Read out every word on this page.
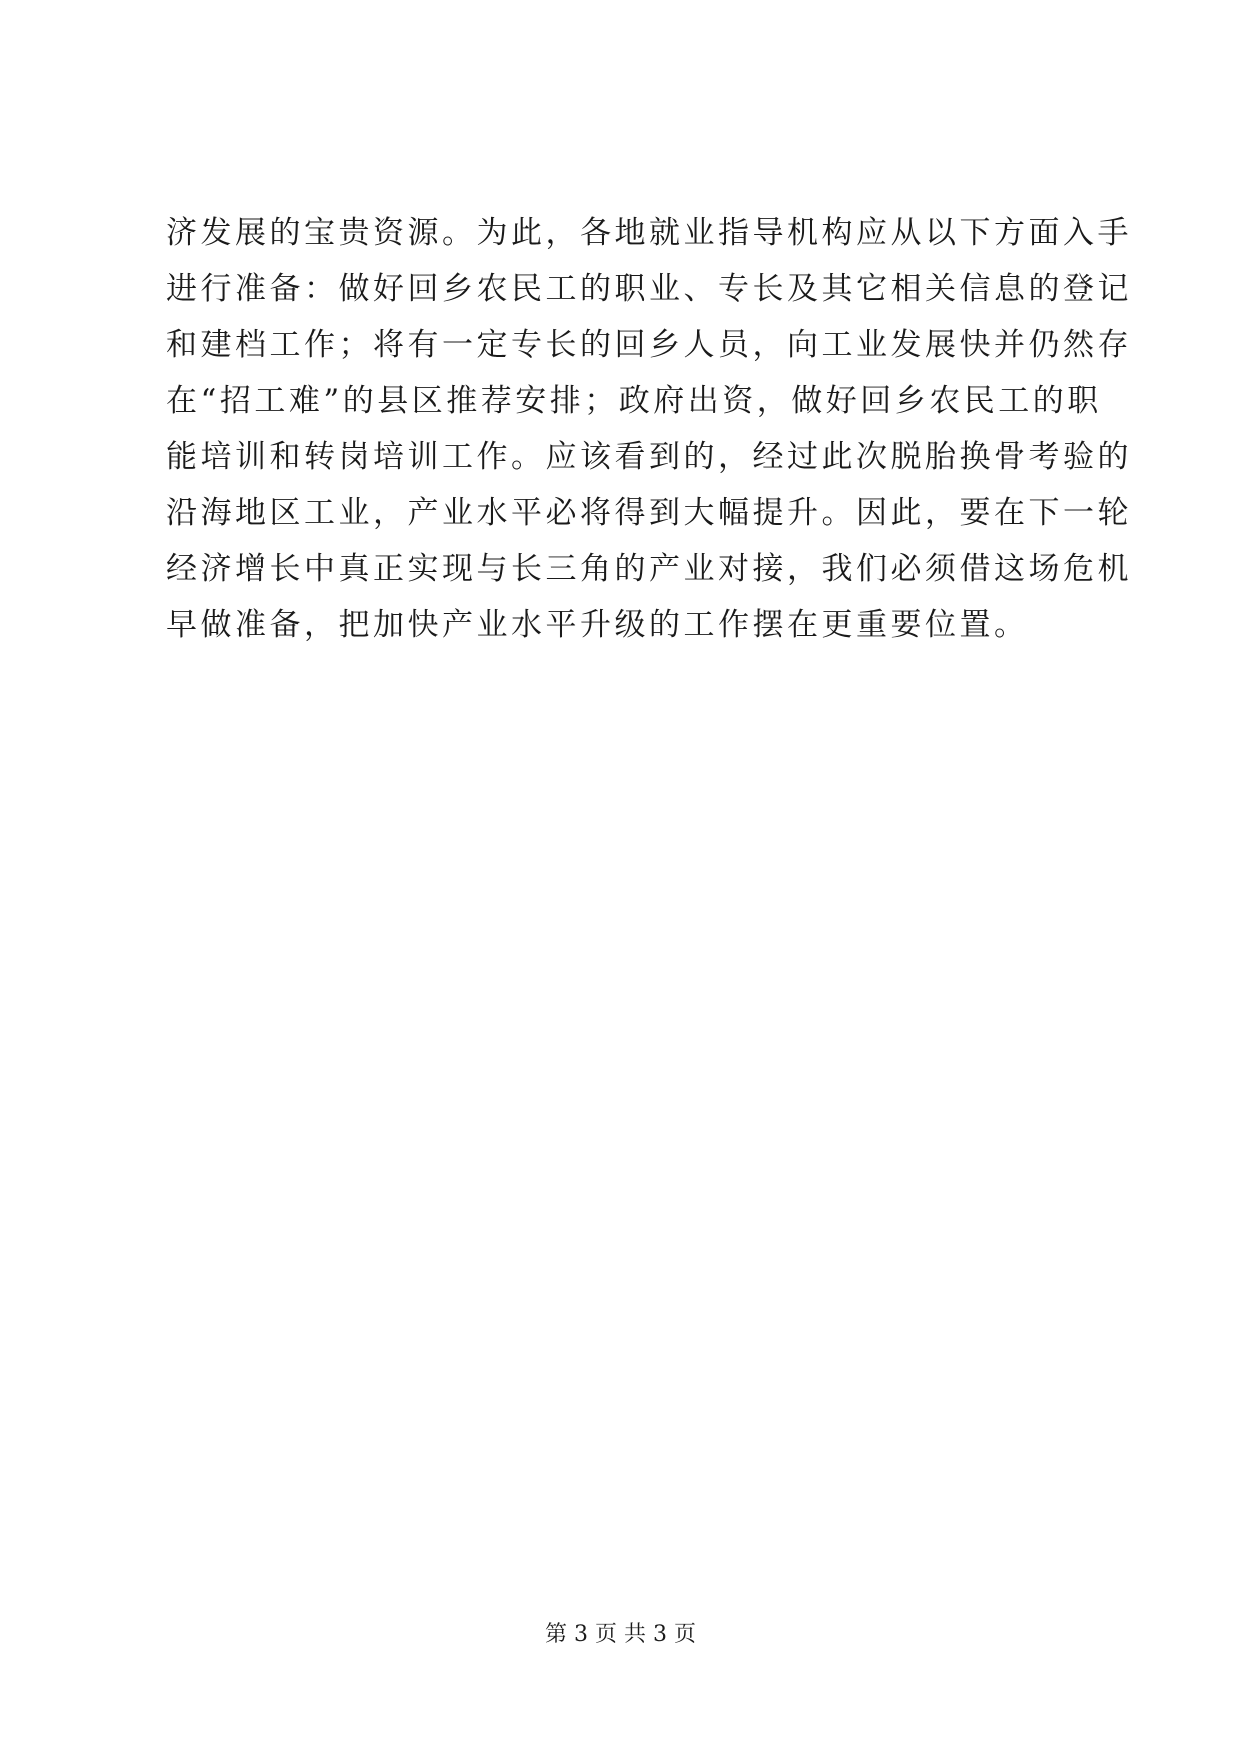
济发展的宝贵资源。为此，各地就业指导机构应从以下方面入手
进行准备：做好回乡农民工的职业、专长及其它相关信息的登记
和建档工作；将有一定专长的回乡人员，向工业发展快并仍然存
在“招工难”的县区推荐安排；政府出资，做好回乡农民工的职
能培训和转岗培训工作。应该看到的，经过此次脱胎换骨考验的
沿海地区工业，产业水平必将得到大幅提升。因此，要在下一轮
经济增长中真正实现与长三角的产业对接，我们必须借这场危机
早做准备，把加快产业水平升级的工作摆在更重要位置。
第 3 页 共 3 页
